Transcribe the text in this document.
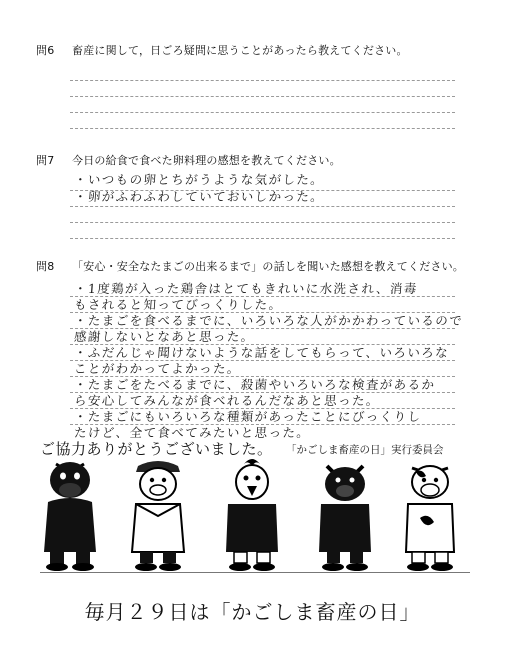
問6 畜産に関して，日ごろ疑問に思うことがあったら教えてください。
問7 今日の給食で食べた卵料理の感想を教えてください。
・いつもの卵とちがうような気がした。
・卵がふわふわしていておいしかった。
問8 「安心・安全なたまごの出来るまで」の話しを聞いた感想を教えてください。
・1度鶏が入った鶏舎はとてもきれいに水洗され、消毒
もされると知ってびっくりした。
・たまごを食べるまでに、いろいろな人がかかわっているので
感謝しないとなあと思った。
・ふだんじゃ聞けないような話をしてもらって、いろいろな
ことがわかってよかった。
・たまごをたべるまでに、殺菌やいろいろな検査があるか
ら安心してみんなが食べれるんだなあと思った。
・たまごにもいろいろな種類があったことにびっくりし
たけど、全て食べてみたいと思った。
ご協力ありがとうございました。 「かごしま畜産の日」実行委員会
毎月２９日は「かごしま畜産の日」
